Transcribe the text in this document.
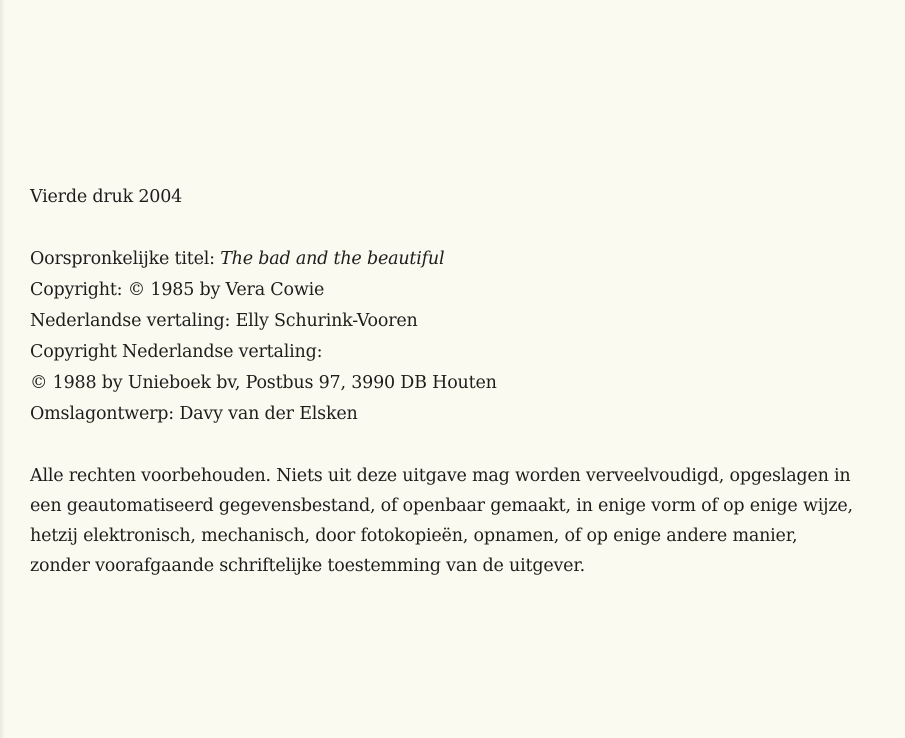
Vierde druk 2004
Oorspronkelijke titel: The bad and the beautiful
Copyright: © 1985 by Vera Cowie
Nederlandse vertaling: Elly Schurink-Vooren
Copyright Nederlandse vertaling:
© 1988 by Unieboek bv, Postbus 97, 3990 DB Houten
Omslagontwerp: Davy van der Elsken
Alle rechten voorbehouden. Niets uit deze uitgave mag worden verveelvoudigd, opgeslagen in
een geautomatiseerd gegevensbestand, of openbaar gemaakt, in enige vorm of op enige wijze,
hetzij elektronisch, mechanisch, door fotokopieën, opnamen, of op enige andere manier,
zonder voorafgaande schriftelijke toestemming van de uitgever.
